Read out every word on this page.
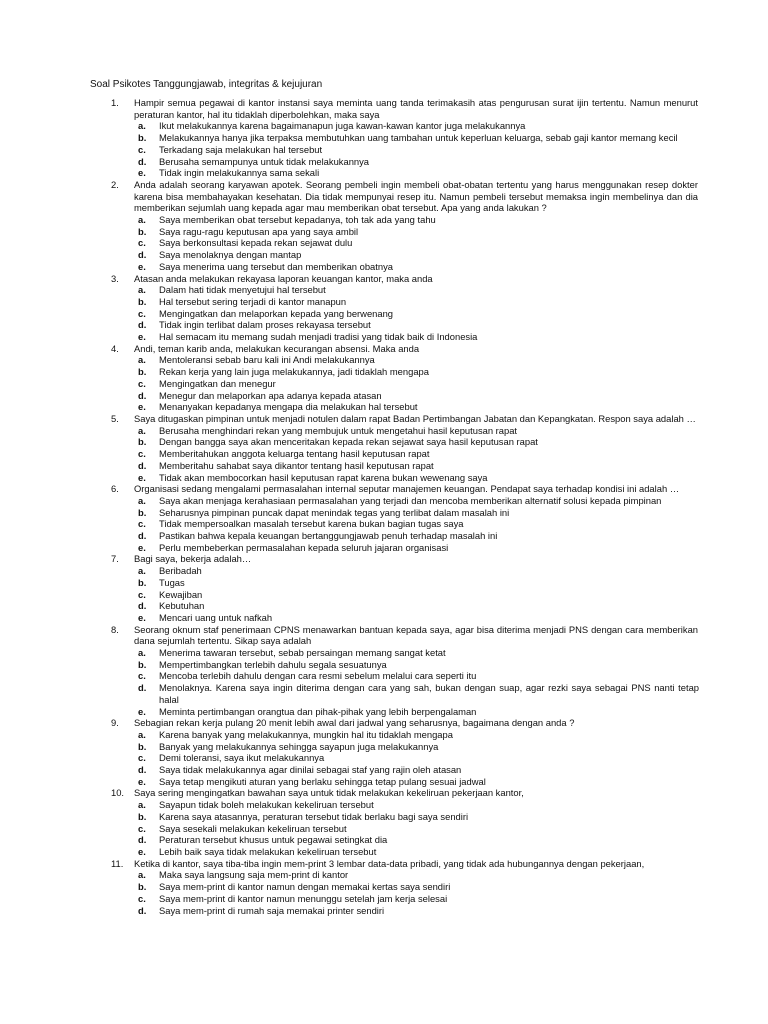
Soal Psikotes Tanggungjawab, integritas & kejujuran
1. Hampir semua pegawai di kantor instansi saya meminta uang tanda terimakasih atas pengurusan surat ijin tertentu. Namun menurut peraturan kantor, hal itu tidaklah diperbolehkan, maka saya
a. Ikut melakukannya karena bagaimanapun juga kawan-kawan kantor juga melakukannya
b. Melakukannya hanya jika terpaksa membutuhkan uang tambahan untuk keperluan keluarga, sebab gaji kantor memang kecil
c. Terkadang saja melakukan hal tersebut
d. Berusaha semampunya untuk tidak melakukannya
e. Tidak ingin melakukannya sama sekali
2. Anda adalah seorang karyawan apotek. Seorang pembeli ingin membeli obat-obatan tertentu yang harus menggunakan resep dokter karena bisa membahayakan kesehatan. Dia tidak mempunyai resep itu. Namun pembeli tersebut memaksa ingin membelinya dan dia memberikan sejumlah uang kepada agar mau memberikan obat tersebut. Apa yang anda lakukan ?
a. Saya memberikan obat tersebut kepadanya, toh tak ada yang tahu
b. Saya ragu-ragu keputusan apa yang saya ambil
c. Saya berkonsultasi kepada rekan sejawat dulu
d. Saya menolaknya dengan mantap
e. Saya menerima uang tersebut dan memberikan obatnya
3. Atasan anda melakukan rekayasa laporan keuangan kantor, maka anda
a. Dalam hati tidak menyetujui hal tersebut
b. Hal tersebut sering terjadi di kantor manapun
c. Mengingatkan dan melaporkan kepada yang berwenang
d. Tidak ingin terlibat dalam proses rekayasa tersebut
e. Hal semacam itu memang sudah menjadi tradisi yang tidak baik di Indonesia
4. Andi, teman karib anda, melakukan kecurangan absensi. Maka anda
a. Mentoleransi sebab baru kali ini Andi melakukannya
b. Rekan kerja yang lain juga melakukannya, jadi tidaklah mengapa
c. Mengingatkan dan menegur
d. Menegur dan melaporkan apa adanya kepada atasan
e. Menanyakan kepadanya mengapa dia melakukan hal tersebut
5. Saya ditugaskan pimpinan untuk menjadi notulen dalam rapat Badan Pertimbangan Jabatan dan Kepangkatan. Respon saya adalah …
a. Berusaha menghindari rekan yang membujuk untuk mengetahui hasil keputusan rapat
b. Dengan bangga saya akan menceritakan kepada rekan sejawat saya hasil keputusan rapat
c. Memberitahukan anggota keluarga tentang hasil keputusan rapat
d. Memberitahu sahabat saya dikantor tentang hasil keputusan rapat
e. Tidak akan membocorkan hasil keputusan rapat karena bukan wewenang saya
6. Organisasi sedang mengalami permasalahan internal seputar manajemen keuangan. Pendapat saya terhadap kondisi ini adalah …
a. Saya akan menjaga kerahasiaan permasalahan yang terjadi dan mencoba memberikan alternatif solusi kepada pimpinan
b. Seharusnya pimpinan puncak dapat menindak tegas yang terlibat dalam masalah ini
c. Tidak mempersoalkan masalah tersebut karena bukan bagian tugas saya
d. Pastikan bahwa kepala keuangan bertanggungjawab penuh terhadap masalah ini
e. Perlu membeberkan permasalahan kepada seluruh jajaran organisasi
7. Bagi saya, bekerja adalah…
a. Beribadah
b. Tugas
c. Kewajiban
d. Kebutuhan
e. Mencari uang untuk nafkah
8. Seorang oknum staf penerimaan CPNS menawarkan bantuan kepada saya, agar bisa diterima menjadi PNS dengan cara memberikan dana sejumlah tertentu. Sikap saya adalah
a. Menerima tawaran tersebut, sebab persaingan memang sangat ketat
b. Mempertimbangkan terlebih dahulu segala sesuatunya
c. Mencoba terlebih dahulu dengan cara resmi sebelum melalui cara seperti itu
d. Menolaknya. Karena saya ingin diterima dengan cara yang sah, bukan dengan suap, agar rezki saya sebagai PNS nanti tetap halal
e. Meminta pertimbangan orangtua dan pihak-pihak yang lebih berpengalaman
9. Sebagian rekan kerja pulang 20 menit lebih awal dari jadwal yang seharusnya, bagaimana dengan anda ?
a. Karena banyak yang melakukannya, mungkin hal itu tidaklah mengapa
b. Banyak yang melakukannya sehingga sayapun juga melakukannya
c. Demi toleransi, saya ikut melakukannya
d. Saya tidak melakukannya agar dinilai sebagai staf yang rajin oleh atasan
e. Saya tetap mengikuti aturan yang berlaku sehingga tetap pulang sesuai jadwal
10. Saya sering mengingatkan bawahan saya untuk tidak melakukan kekeliruan pekerjaan kantor,
a. Sayapun tidak boleh melakukan kekeliruan tersebut
b. Karena saya atasannya, peraturan tersebut tidak berlaku bagi saya sendiri
c. Saya sesekali melakukan kekeliruan tersebut
d. Peraturan tersebut khusus untuk pegawai setingkat dia
e. Lebih baik saya tidak melakukan kekeliruan tersebut
11. Ketika di kantor, saya tiba-tiba ingin mem-print 3 lembar data-data pribadi, yang tidak ada hubungannya dengan pekerjaan,
a. Maka saya langsung saja mem-print di kantor
b. Saya mem-print di kantor namun dengan memakai kertas saya sendiri
c. Saya mem-print di kantor namun menunggu setelah jam kerja selesai
d. Saya mem-print di rumah saja memakai printer sendiri
